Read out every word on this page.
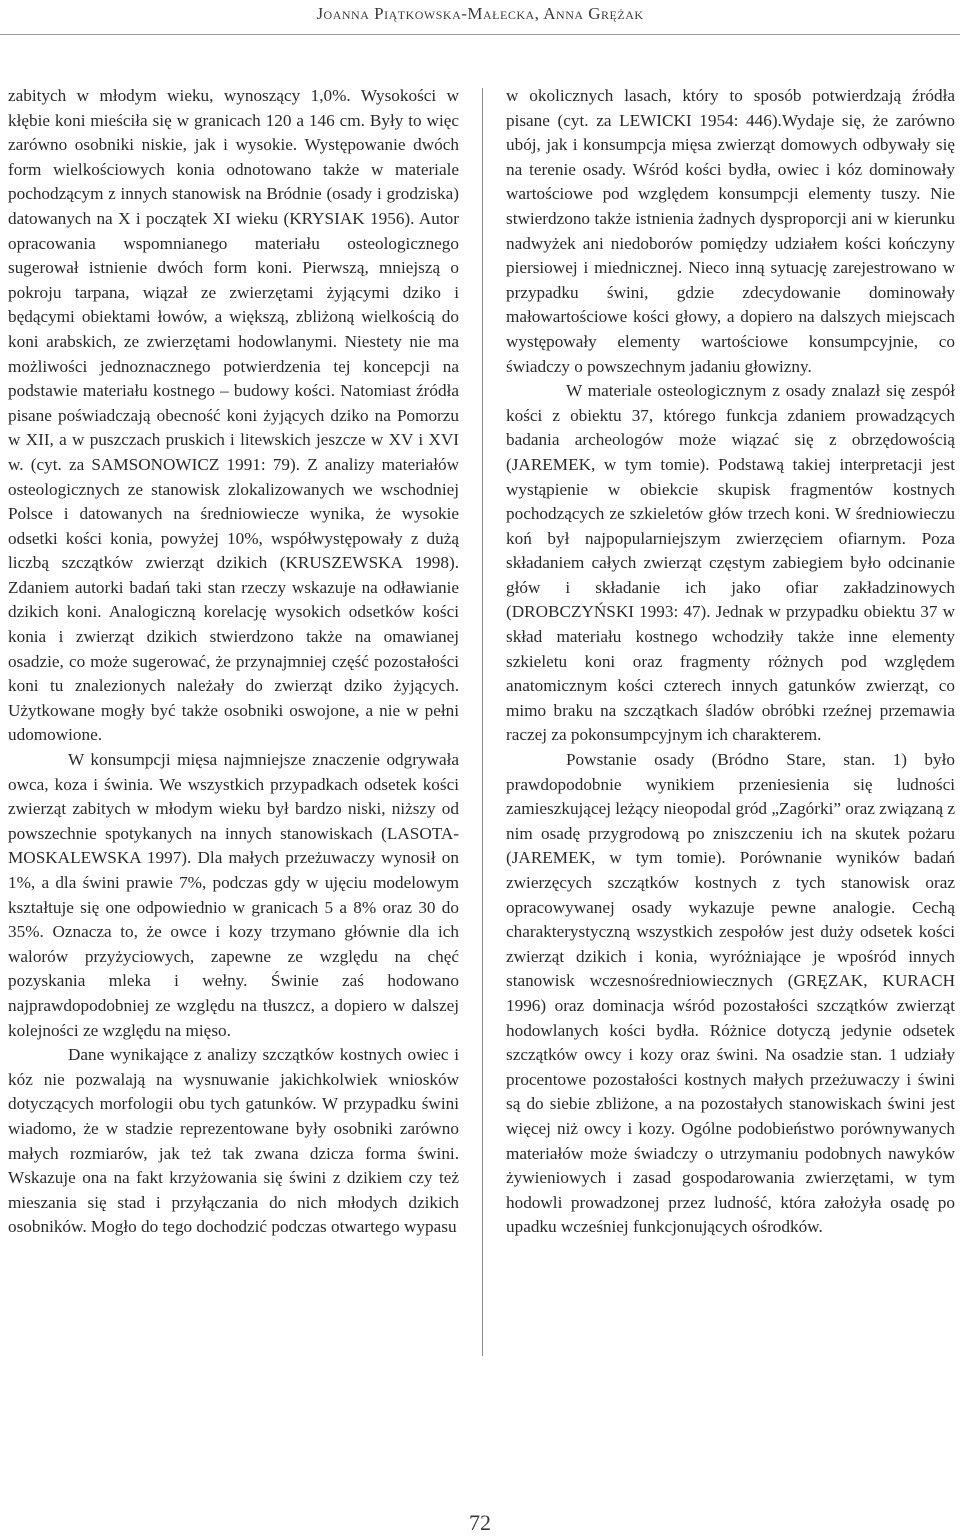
Joanna Piątkowska-Małecka, Anna Grężak

zabitych w młodym wieku, wynoszący 1,0%. Wysokości w kłębie koni mieściła się w granicach 120 a 146 cm. Były to więc zarówno osobniki niskie, jak i wysokie. Występowanie dwóch form wielkościowych konia odnotowano także w materiale pochodzącym z innych stanowisk na Bródnie (osady i grodziska) datowanych na X i początek XI wieku (KRYSIAK 1956). Autor opracowania wspomnianego materiału osteologicznego sugerował istnienie dwóch form koni. Pierwszą, mniejszą o pokroju tarpana, wiązał ze zwierzętami żyjącymi dziko i będącymi obiektami łowów, a większą, zbliżoną wielkością do koni arabskich, ze zwierzętami hodowlanymi. Niestety nie ma możliwości jednoznacznego potwierdzenia tej koncepcji na podstawie materiału kostnego – budowy kości. Natomiast źródła pisane poświadczają obecność koni żyjących dziko na Pomorzu w XII, a w puszczach pruskich i litewskich jeszcze w XV i XVI w. (cyt. za SAMSONOWICZ 1991: 79). Z analizy materiałów osteologicznych ze stanowisk zlokalizowanych we wschodniej Polsce i datowanych na średniowiecze wynika, że wysokie odsetki kości konia, powyżej 10%, współwystępowały z dużą liczbą szczątków zwierząt dzikich (KRUSZEWSKA 1998). Zdaniem autorki badań taki stan rzeczy wskazuje na odławianie dzikich koni. Analogiczną korelację wysokich odsetków kości konia i zwierząt dzikich stwierdzono także na omawianej osadzie, co może sugerować, że przynajmniej część pozostałości koni tu znalezionych należały do zwierząt dziko żyjących. Użytkowane mogły być także osobniki oswojone, a nie w pełni udomowione.

W konsumpcji mięsa najmniejsze znaczenie odgrywała owca, koza i świnia. We wszystkich przypadkach odsetek kości zwierząt zabitych w młodym wieku był bardzo niski, niższy od powszechnie spotykanych na innych stanowiskach (LASOTA-MOSKALEWSKA 1997). Dla małych przeżuwaczy wynosił on 1%, a dla świni prawie 7%, podczas gdy w ujęciu modelowym kształtuje się one odpowiednio w granicach 5 a 8% oraz 30 do 35%. Oznacza to, że owce i kozy trzymano głównie dla ich walorów przyżyciowych, zapewne ze względu na chęć pozyskania mleka i wełny. Świnie zaś hodowano najprawdopodobniej ze względu na tłuszcz, a dopiero w dalszej kolejności ze względu na mięso.

Dane wynikające z analizy szczątków kostnych owiec i kóz nie pozwalają na wysnuwanie jakichkolwiek wniosków dotyczących morfologii obu tych gatunków. W przypadku świni wiadomo, że w stadzie reprezentowane były osobniki zarówno małych rozmiarów, jak też tak zwana dzicza forma świni. Wskazuje ona na fakt krzyżowania się świni z dzikiem czy też mieszania się stad i przyłączania do nich młodych dzikich osobników. Mogło do tego dochodzić podczas otwartego wypasu

w okolicznych lasach, który to sposób potwierdzają źródła pisane (cyt. za LEWICKI 1954: 446).Wydaje się, że zarówno ubój, jak i konsumpcja mięsa zwierząt domowych odbywały się na terenie osady. Wśród kości bydła, owiec i kóz dominowały wartościowe pod względem konsumpcji elementy tuszy. Nie stwierdzono także istnienia żadnych dysproporcji ani w kierunku nadwyżek ani niedoborów pomiędzy udziałem kości kończyny piersiowej i miednicznej. Nieco inną sytuację zarejestrowano w przypadku świni, gdzie zdecydowanie dominowały małowartościowe kości głowy, a dopiero na dalszych miejscach występowały elementy wartościowe konsumpcyjnie, co świadczy o powszechnym jadaniu głowizny.

W materiale osteologicznym z osady znalazł się zespół kości z obiektu 37, którego funkcja zdaniem prowadzących badania archeologów może wiązać się z obrzędowością (JAREMEK, w tym tomie). Podstawą takiej interpretacji jest wystąpienie w obiekcie skupisk fragmentów kostnych pochodzących ze szkieletów głów trzech koni. W średniowieczu koń był najpopularniejszym zwierzęciem ofiarnym. Poza składaniem całych zwierząt częstym zabiegiem było odcinanie głów i składanie ich jako ofiar zakładzinowych (DROBCZYŃSKI 1993: 47). Jednak w przypadku obiektu 37 w skład materiału kostnego wchodziły także inne elementy szkieletu koni oraz fragmenty różnych pod względem anatomicznym kości czterech innych gatunków zwierząt, co mimo braku na szczątkach śladów obróbki rzeźnej przemawia raczej za pokonsumpcyjnym ich charakterem.

Powstanie osady (Bródno Stare, stan. 1) było prawdopodobnie wynikiem przeniesienia się ludności zamieszkującej leżący nieopodal gród „Zagórki” oraz związaną z nim osadę przygrodową po zniszczeniu ich na skutek pożaru (JAREMEK, w tym tomie). Porównanie wyników badań zwierzęcych szczątków kostnych z tych stanowisk oraz opracowywanej osady wykazuje pewne analogie. Cechą charakterystyczną wszystkich zespołów jest duży odsetek kości zwierząt dzikich i konia, wyróżniające je wpośród innych stanowisk wczesnośredniowiecznych (GRĘZAK, KURACH 1996) oraz dominacja wśród pozostałości szczątków zwierząt hodowlanych kości bydła. Różnice dotyczą jedynie odsetek szczątków owcy i kozy oraz świni. Na osadzie stan. 1 udziały procentowe pozostałości kostnych małych przeżuwaczy i świni są do siebie zbliżone, a na pozostałych stanowiskach świni jest więcej niż owcy i kozy. Ogólne podobieństwo porównywanych materiałów może świadczy o utrzymaniu podobnych nawyków żywieniowych i zasad gospodarowania zwierzętami, w tym hodowli prowadzonej przez ludność, która założyła osadę po upadku wcześniej funkcjonujących ośrodków.

72
